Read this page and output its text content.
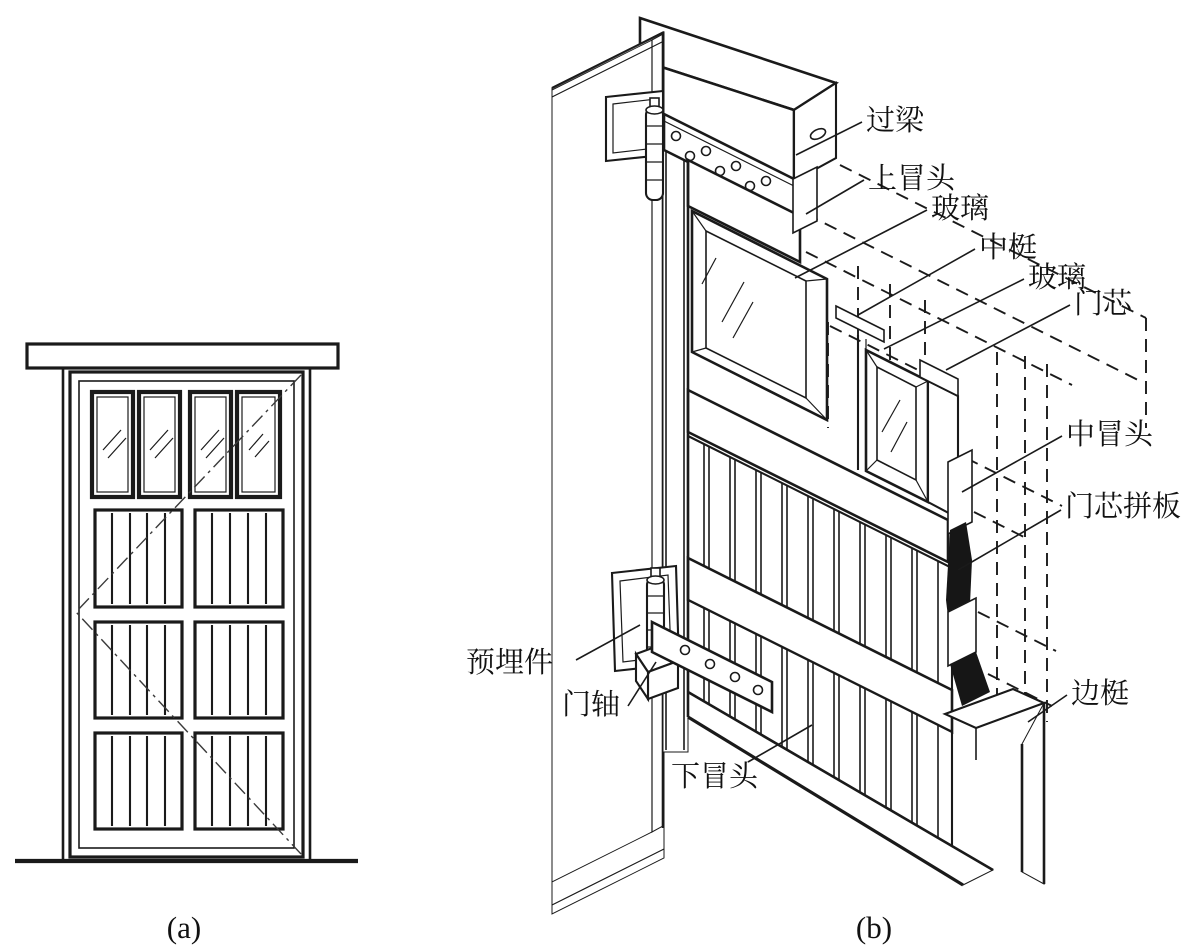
过梁
上冒头
玻璃
中梃
玻璃
门芯
中冒头
门芯拼板
边梃
预埋件
门轴
下冒头
(a)	(b)
